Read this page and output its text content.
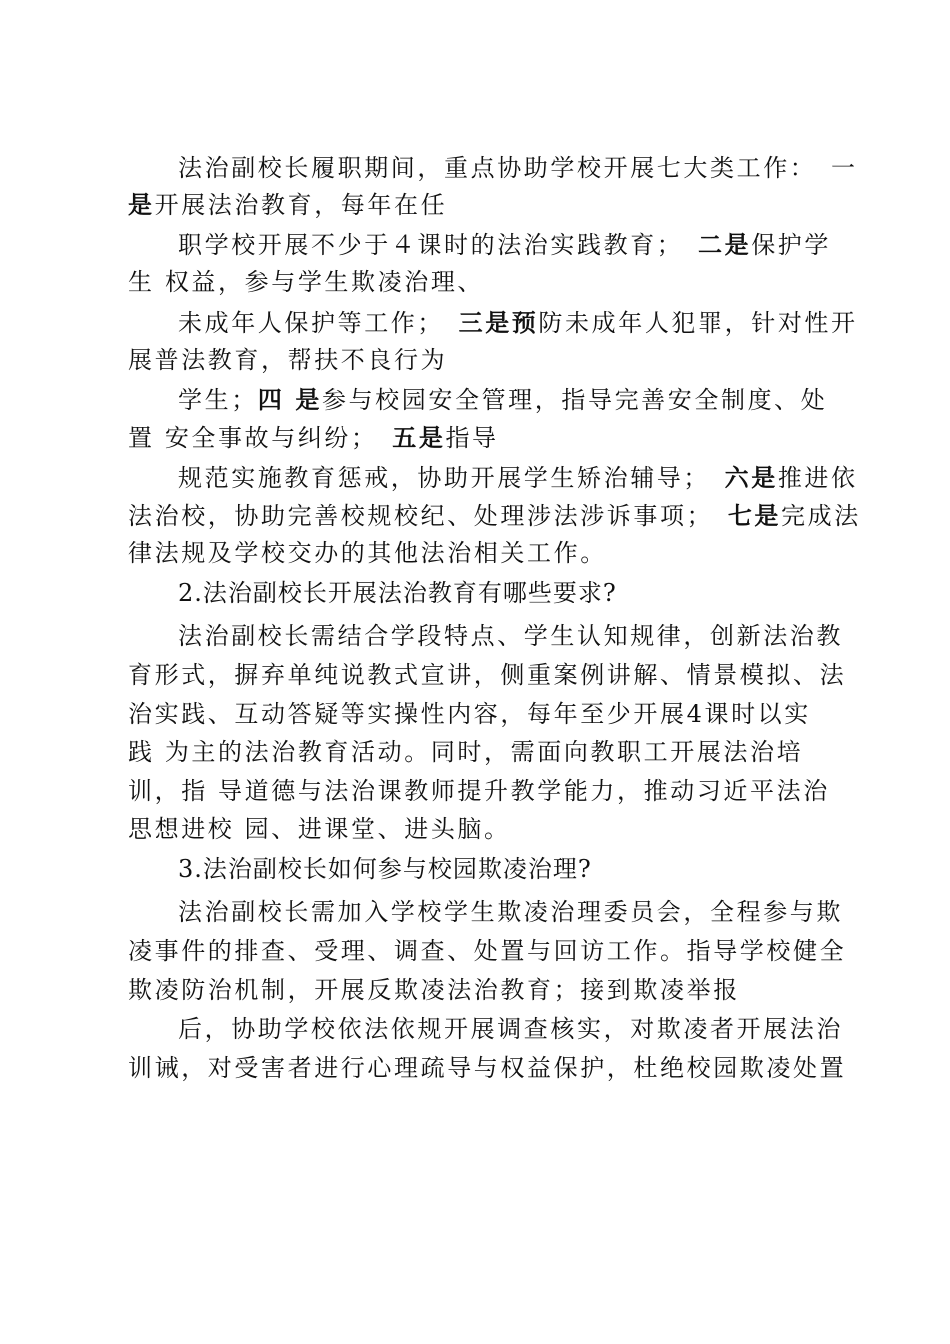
法治副校长履职期间，重点协助学校开展七大类工作：　一
是开展法治教育，每年在任
职学校开展不少于４课时的法治实践教育；　二是保护学
生 权益，参与学生欺凌治理、
未成年人保护等工作；　三是预防未成年人犯罪，针对性开
展普法教育，帮扶不良行为
学生；四 是参与校园安全管理，指导完善安全制度、处
置 安全事故与纠纷；　五是指导
规范实施教育惩戒，协助开展学生矫治辅导；　六是推进依
法治校，协助完善校规校纪、处理涉法涉诉事项；　七是完成法
律法规及学校交办的其他法治相关工作。
2.法治副校长开展法治教育有哪些要求?
法治副校长需结合学段特点、学生认知规律，创新法治教
育形式，摒弃单纯说教式宣讲，侧重案例讲解、情景模拟、法
治实践、互动答疑等实操性内容，每年至少开展4课时以实
践 为主的法治教育活动。同时，需面向教职工开展法治培
训，指 导道德与法治课教师提升教学能力，推动习近平法治
思想进校 园、进课堂、进头脑。
3.法治副校长如何参与校园欺凌治理?
法治副校长需加入学校学生欺凌治理委员会，全程参与欺
凌事件的排查、受理、调查、处置与回访工作。指导学校健全
欺凌防治机制，开展反欺凌法治教育；接到欺凌举报
后，协助学校依法依规开展调查核实，对欺凌者开展法治
训诫，对受害者进行心理疏导与权益保护，杜绝校园欺凌处置
